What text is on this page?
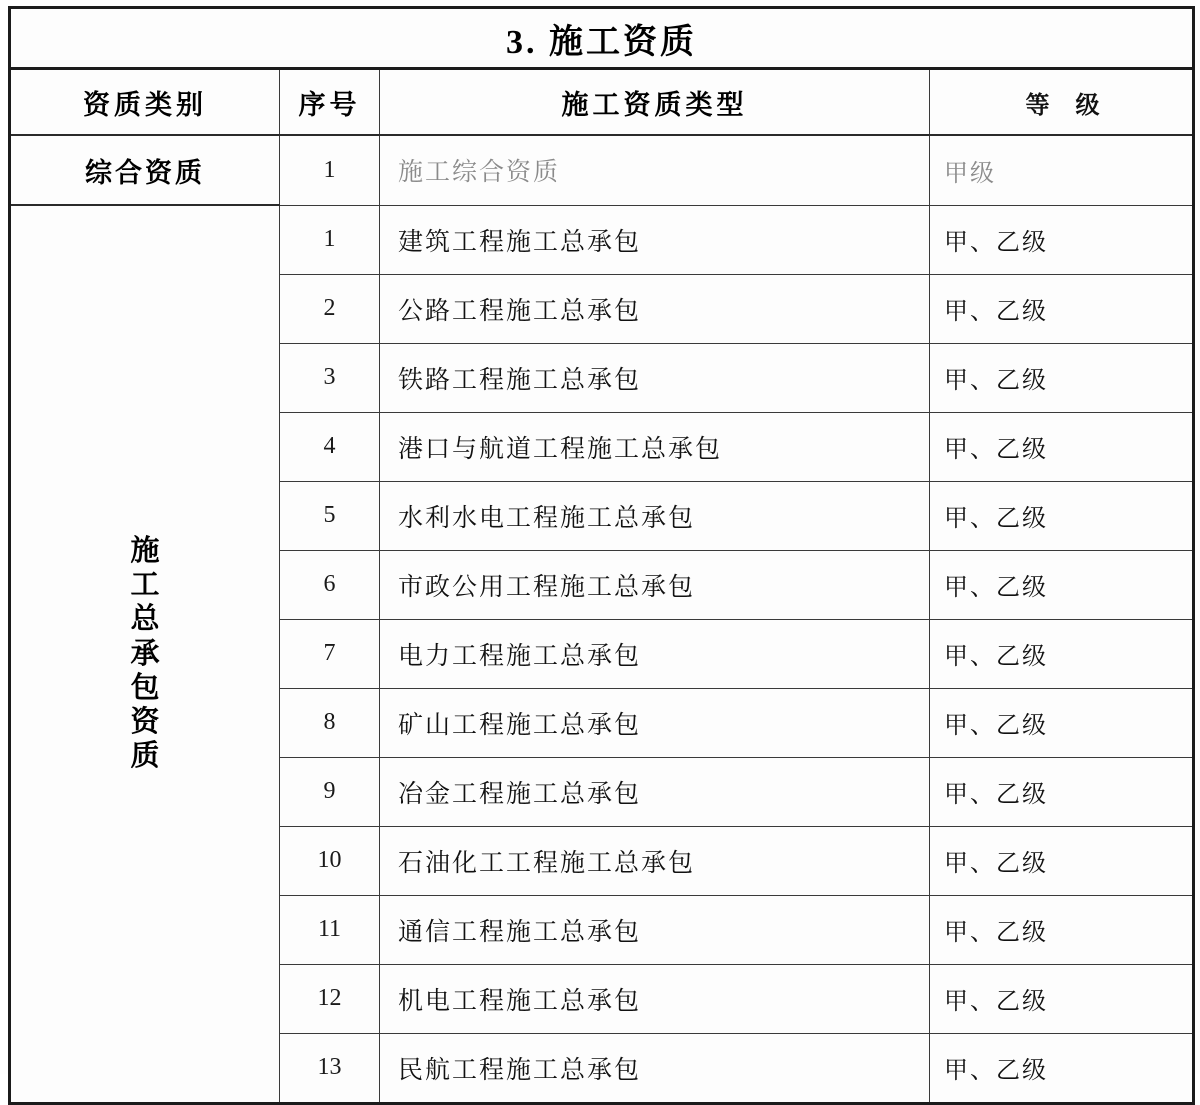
3. 施工资质			
资质类别	序号	施工资质类型	等 级
综合资质	1	施工综合资质	甲级

施
工
总
承
包
资
质
	1	建筑工程施工总承包	甲、乙级
	2	公路工程施工总承包	甲、乙级
	3	铁路工程施工总承包	甲、乙级
	4	港口与航道工程施工总承包	甲、乙级
	5	水利水电工程施工总承包	甲、乙级
	6	市政公用工程施工总承包	甲、乙级
	7	电力工程施工总承包	甲、乙级
	8	矿山工程施工总承包	甲、乙级
	9	冶金工程施工总承包	甲、乙级
	10	石油化工工程施工总承包	甲、乙级
	11	通信工程施工总承包	甲、乙级
	12	机电工程施工总承包	甲、乙级
	13	民航工程施工总承包	甲、乙级
